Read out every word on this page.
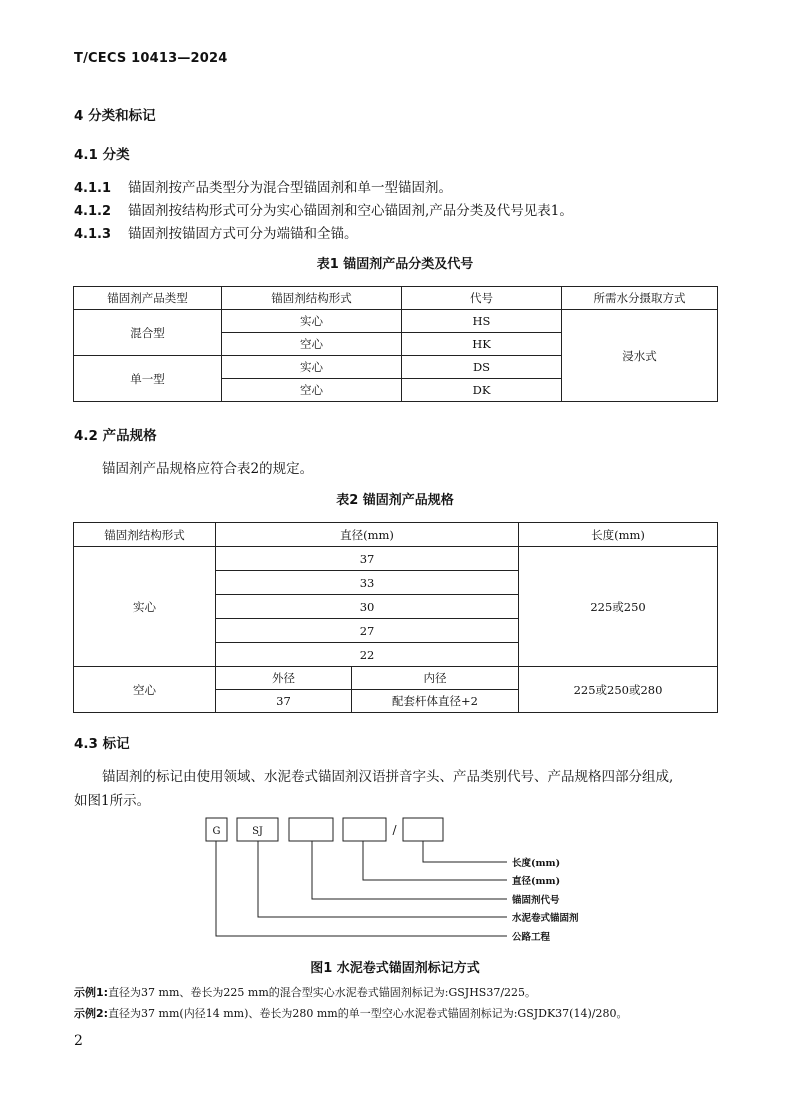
T/CECS 10413—2024
4 分类和标记
4.1 分类
4.1.1 锚固剂按产品类型分为混合型锚固剂和单一型锚固剂。
4.1.2 锚固剂按结构形式可分为实心锚固剂和空心锚固剂,产品分类及代号见表1。
4.1.3 锚固剂按锚固方式可分为端锚和全锚。
表1 锚固剂产品分类及代号
锚固剂产品类型	锚固剂结构形式	代号	所需水分摄取方式
混合型	实心	HS	浸水式
	空心	HK	
单一型	实心	DS	
	空心	DK	
4.2 产品规格
锚固剂产品规格应符合表2的规定。
表2 锚固剂产品规格
锚固剂结构形式	直径(mm)		长度(mm)
实心	37		225或250
	33		
	30		
	27		
	22		
空心	外径	内径	225或250或280
	37	配套杆体直径+2	
4.3 标记
锚固剂的标记由使用领域、水泥卷式锚固剂汉语拼音字头、产品类别代号、产品规格四部分组成,
如图1所示。
G	SJ	/
长度(mm)
直径(mm)
锚固剂代号
水泥卷式锚固剂
公路工程
图1 水泥卷式锚固剂标记方式
示例1:直径为37 mm、卷长为225 mm的混合型实心水泥卷式锚固剂标记为:GSJHS37/225。
示例2:直径为37 mm(内径14 mm)、卷长为280 mm的单一型空心水泥卷式锚固剂标记为:GSJDK37(14)/280。
2
